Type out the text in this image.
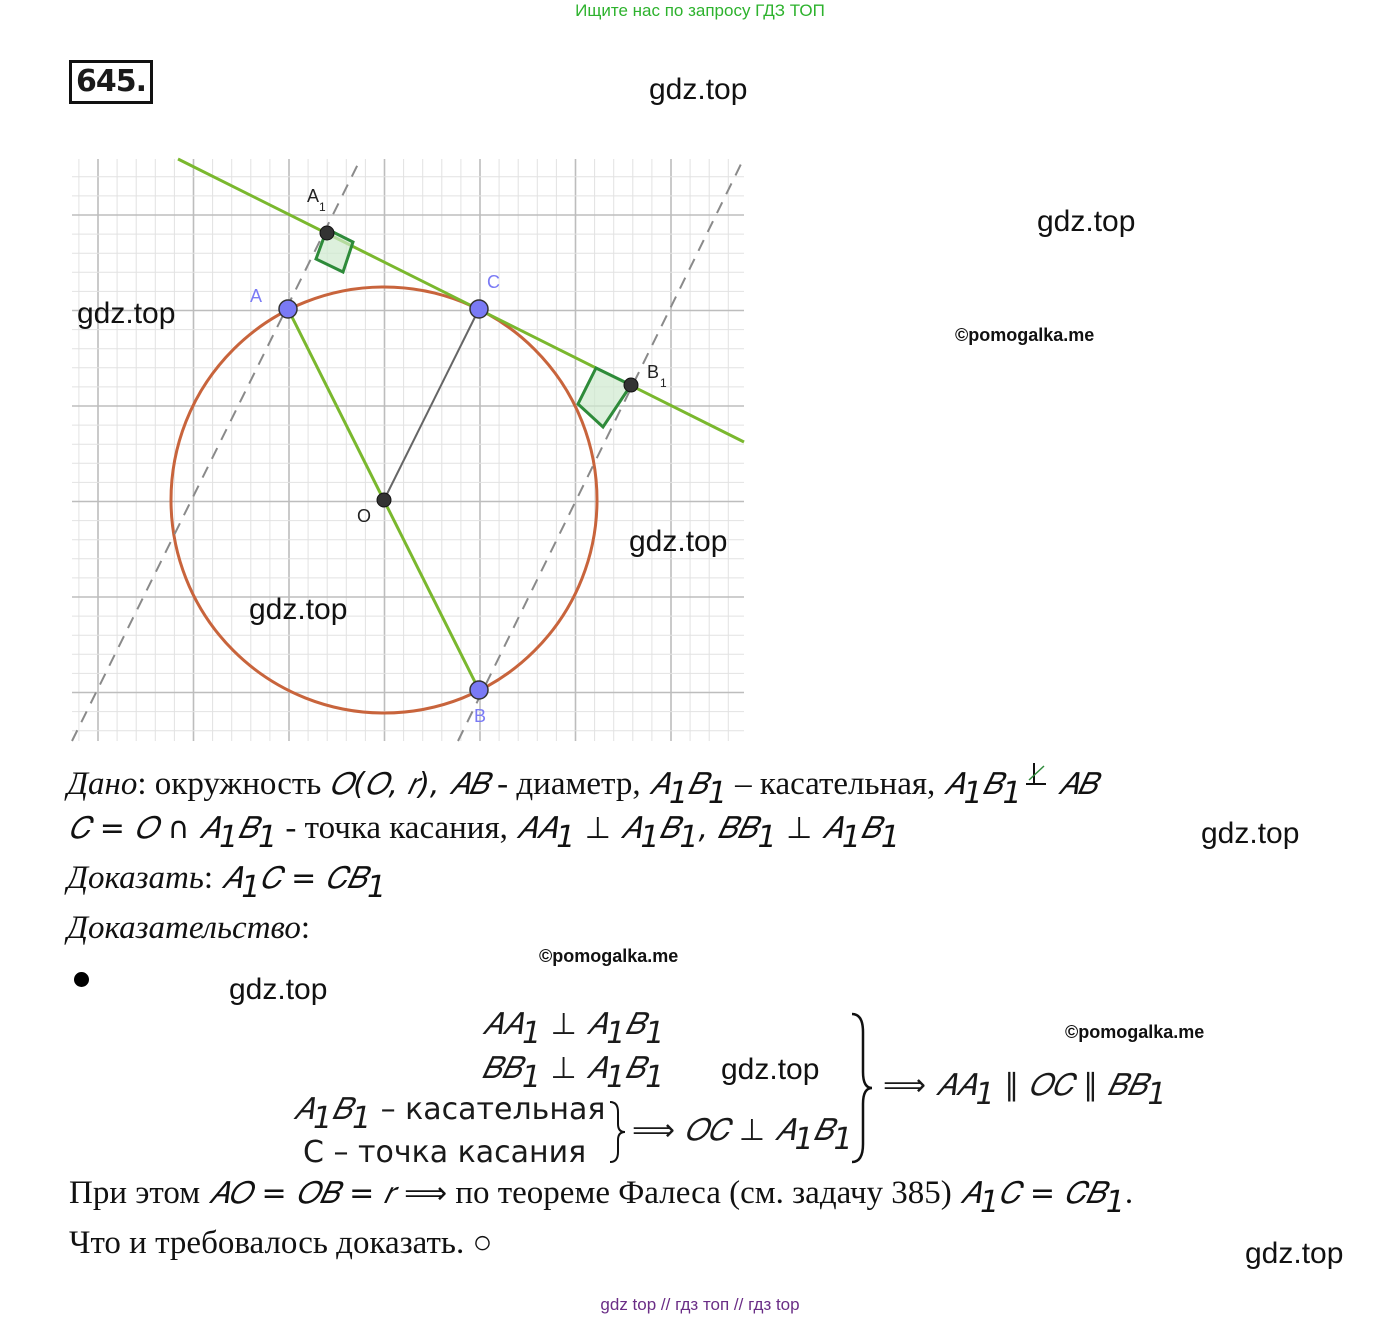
Ищите нас по запросу ГДЗ ТОП
645.
A
C
B
A
1
B
1
O
gdz.top
gdz.top
gdz.top
©pomogalka.me
gdz.top
gdz.top
gdz.top
©pomogalka.me
gdz.top
©pomogalka.me
gdz.top
gdz.top
Дано: окружность 𝑂(𝑂, 𝑟), 𝐴𝐵 - диаметр, 𝐴$_1$𝐵$_1$ – касательная, 𝐴$_1$𝐵$_1$ 𝐴𝐵
𝐶 = 𝑂 ∩ 𝐴$_1$𝐵$_1$ - точка касания, 𝐴𝐴$_1$ ⊥ 𝐴$_1$𝐵$_1$, 𝐵𝐵$_1$ ⊥ 𝐴$_1$𝐵$_1$
Доказать: 𝐴$_1$𝐶 = 𝐶𝐵$_1$
Доказательство:
𝐴𝐴$_1$ ⊥ 𝐴$_1$𝐵$_1$
𝐵𝐵$_1$ ⊥ 𝐴$_1$𝐵$_1$
𝐴$_1$𝐵$_1$ – касательная
C – точка касания
⟹ 𝑂𝐶 ⊥ 𝐴$_1$𝐵$_1$
⟹ 𝐴𝐴$_1$ ∥ 𝑂𝐶 ∥ 𝐵𝐵$_1$
При этом 𝐴𝑂 = 𝑂𝐵 = 𝑟 ⟹ по теореме Фалеса (см. задачу 385) 𝐴$_1$𝐶 = 𝐶𝐵$_1$.
Что и требовалось доказать. ○
gdz top // гдз топ // гдз top
